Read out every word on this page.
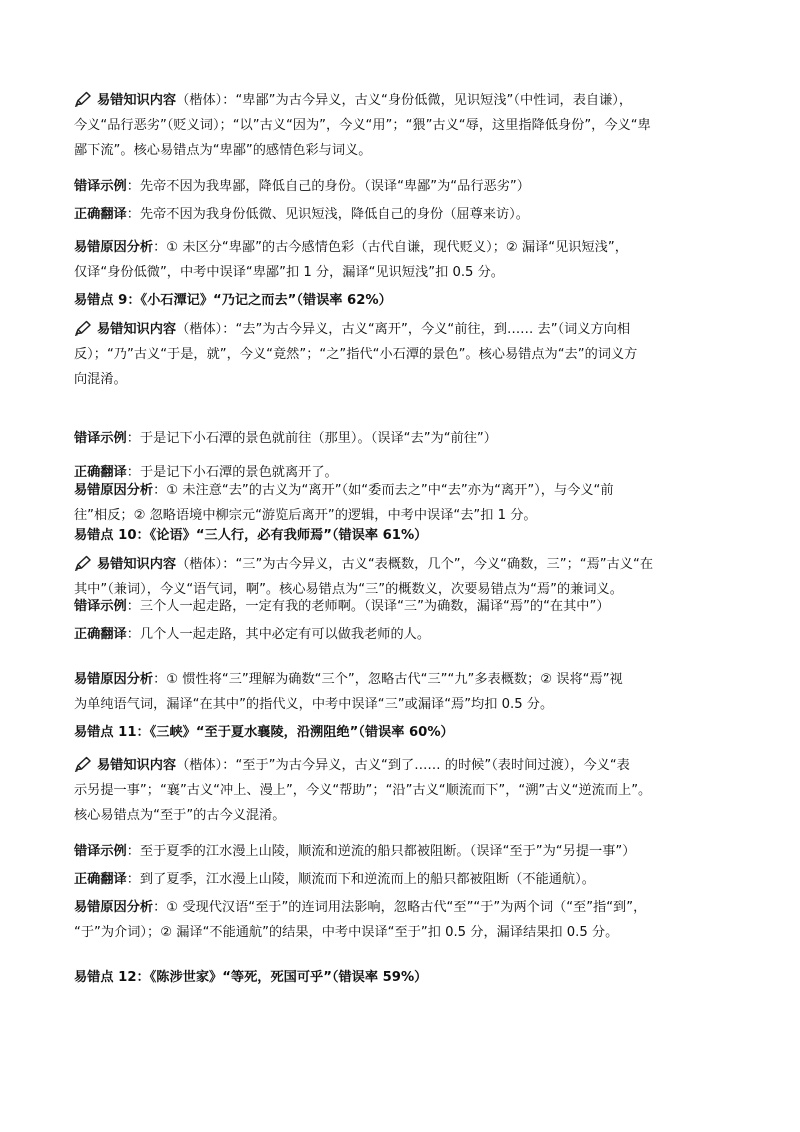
易错知识内容（楷体）：“卑鄙”为古今异义，古义“身份低微，见识短浅”（中性词，表自谦），
今义“品行恶劣”（贬义词）；“以”古义“因为”，今义“用”；“猥”古义“辱，这里指降低身份”，今义“卑
鄙下流”。核心易错点为“卑鄙”的感情色彩与词义。
错译示例：先帝不因为我卑鄙，降低自己的身份。（误译“卑鄙”为“品行恶劣”）
正确翻译：先帝不因为我身份低微、见识短浅，降低自己的身份（屈尊来访）。
易错原因分析：① 未区分“卑鄙”的古今感情色彩（古代自谦，现代贬义）；② 漏译“见识短浅”，
仅译“身份低微”，中考中误译“卑鄙”扣 1 分，漏译“见识短浅”扣 0.5 分。
易错点 9：《小石潭记》“乃记之而去”（错误率 62%）
易错知识内容（楷体）：“去”为古今异义，古义“离开”，今义“前往，到…… 去”（词义方向相
反）；“乃”古义“于是，就”，今义“竟然”；“之”指代“小石潭的景色”。核心易错点为“去”的词义方
向混淆。
错译示例：于是记下小石潭的景色就前往（那里）。（误译“去”为“前往”）
正确翻译：于是记下小石潭的景色就离开了。
易错原因分析：① 未注意“去”的古义为“离开”（如“委而去之”中“去”亦为“离开”），与今义“前
往”相反；② 忽略语境中柳宗元“游览后离开”的逻辑，中考中误译“去”扣 1 分。
易错点 10：《论语》“三人行，必有我师焉”（错误率 61%）
易错知识内容（楷体）：“三”为古今异义，古义“表概数，几个”，今义“确数，三”；“焉”古义“在
其中”（兼词），今义“语气词，啊”。核心易错点为“三”的概数义，次要易错点为“焉”的兼词义。
错译示例：三个人一起走路，一定有我的老师啊。（误译“三”为确数，漏译“焉”的“在其中”）
正确翻译：几个人一起走路，其中必定有可以做我老师的人。
易错原因分析：① 惯性将“三”理解为确数“三个”，忽略古代“三”“九”多表概数；② 误将“焉”视
为单纯语气词，漏译“在其中”的指代义，中考中误译“三”或漏译“焉”均扣 0.5 分。
易错点 11：《三峡》“至于夏水襄陵，沿溯阻绝”（错误率 60%）
易错知识内容（楷体）：“至于”为古今异义，古义“到了…… 的时候”（表时间过渡），今义“表
示另提一事”；“襄”古义“冲上、漫上”，今义“帮助”；“沿”古义“顺流而下”，“溯”古义“逆流而上”。
核心易错点为“至于”的古今义混淆。
错译示例：至于夏季的江水漫上山陵，顺流和逆流的船只都被阻断。（误译“至于”为“另提一事”）
正确翻译：到了夏季，江水漫上山陵，顺流而下和逆流而上的船只都被阻断（不能通航）。
易错原因分析：① 受现代汉语“至于”的连词用法影响，忽略古代“至”“于”为两个词（“至”指“到”，
“于”为介词）；② 漏译“不能通航”的结果，中考中误译“至于”扣 0.5 分，漏译结果扣 0.5 分。
易错点 12：《陈涉世家》“等死，死国可乎”（错误率 59%）
